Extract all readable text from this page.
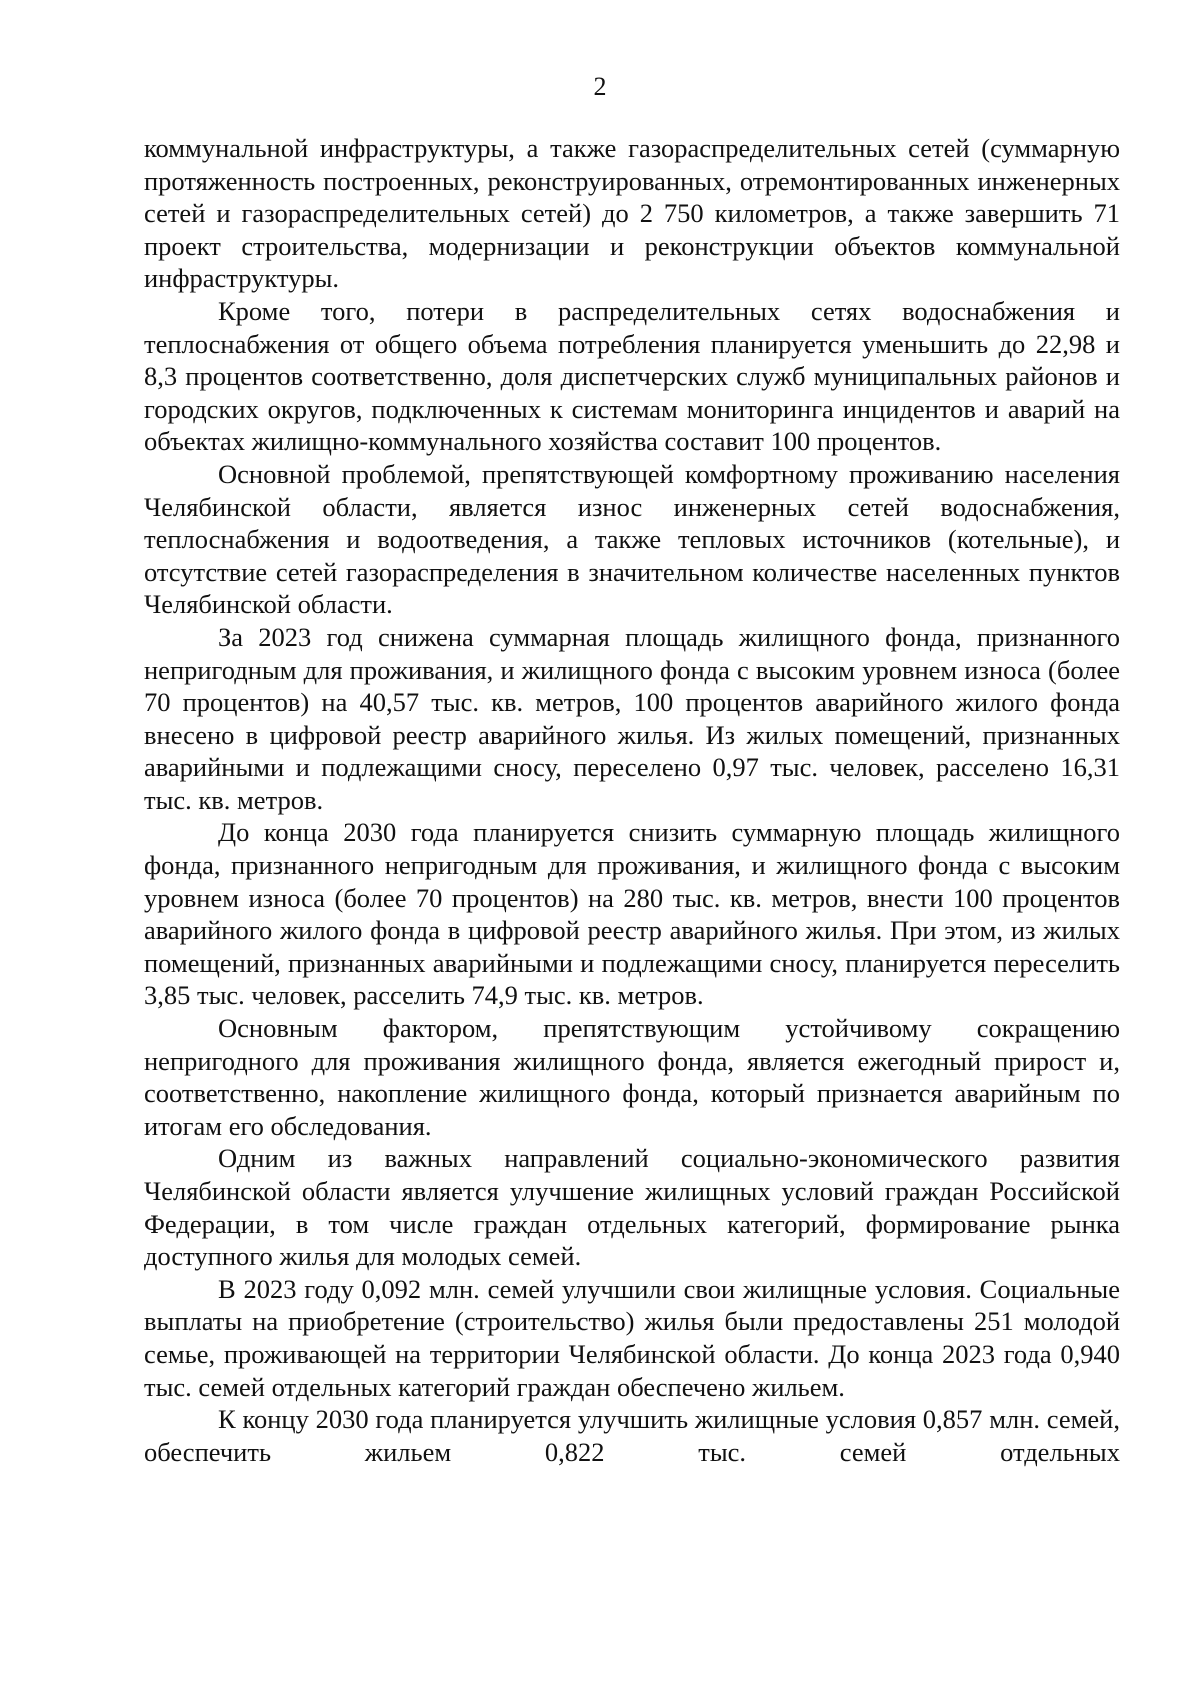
2

коммунальной инфраструктуры, а также газораспределительных сетей (суммарную протяженность построенных, реконструированных, отремонтированных инженерных сетей и газораспределительных сетей) до 2 750 километров, а также завершить 71 проект строительства, модернизации и реконструкции объектов коммунальной инфраструктуры.

Кроме того, потери в распределительных сетях водоснабжения и теплоснабжения от общего объема потребления планируется уменьшить до 22,98 и 8,3 процентов соответственно, доля диспетчерских служб муниципальных районов и городских округов, подключенных к системам мониторинга инцидентов и аварий на объектах жилищно-коммунального хозяйства составит 100 процентов.

Основной проблемой, препятствующей комфортному проживанию населения Челябинской области, является износ инженерных сетей водоснабжения, теплоснабжения и водоотведения, а также тепловых источников (котельные), и отсутствие сетей газораспределения в значительном количестве населенных пунктов Челябинской области.

За 2023 год снижена суммарная площадь жилищного фонда, признанного непригодным для проживания, и жилищного фонда с высоким уровнем износа (более 70 процентов) на 40,57 тыс. кв. метров, 100 процентов аварийного жилого фонда внесено в цифровой реестр аварийного жилья. Из жилых помещений, признанных аварийными и подлежащими сносу, переселено 0,97 тыс. человек, расселено 16,31 тыс. кв. метров.

До конца 2030 года планируется снизить суммарную площадь жилищного фонда, признанного непригодным для проживания, и жилищного фонда с высоким уровнем износа (более 70 процентов) на 280 тыс. кв. метров, внести 100 процентов аварийного жилого фонда в цифровой реестр аварийного жилья. При этом, из жилых помещений, признанных аварийными и подлежащими сносу, планируется переселить 3,85 тыс. человек, расселить 74,9 тыс. кв. метров.

Основным фактором, препятствующим устойчивому сокращению непригодного для проживания жилищного фонда, является ежегодный прирост и, соответственно, накопление жилищного фонда, который признается аварийным по итогам его обследования.

Одним из важных направлений социально-экономического развития Челябинской области является улучшение жилищных условий граждан Российской Федерации, в том числе граждан отдельных категорий, формирование рынка доступного жилья для молодых семей.

В 2023 году 0,092 млн. семей улучшили свои жилищные условия. Социальные выплаты на приобретение (строительство) жилья были предоставлены 251 молодой семье, проживающей на территории Челябинской области. До конца 2023 года 0,940 тыс. семей отдельных категорий граждан обеспечено жильем.

К концу 2030 года планируется улучшить жилищные условия 0,857 млн. семей, обеспечить жильем 0,822 тыс. семей отдельных
